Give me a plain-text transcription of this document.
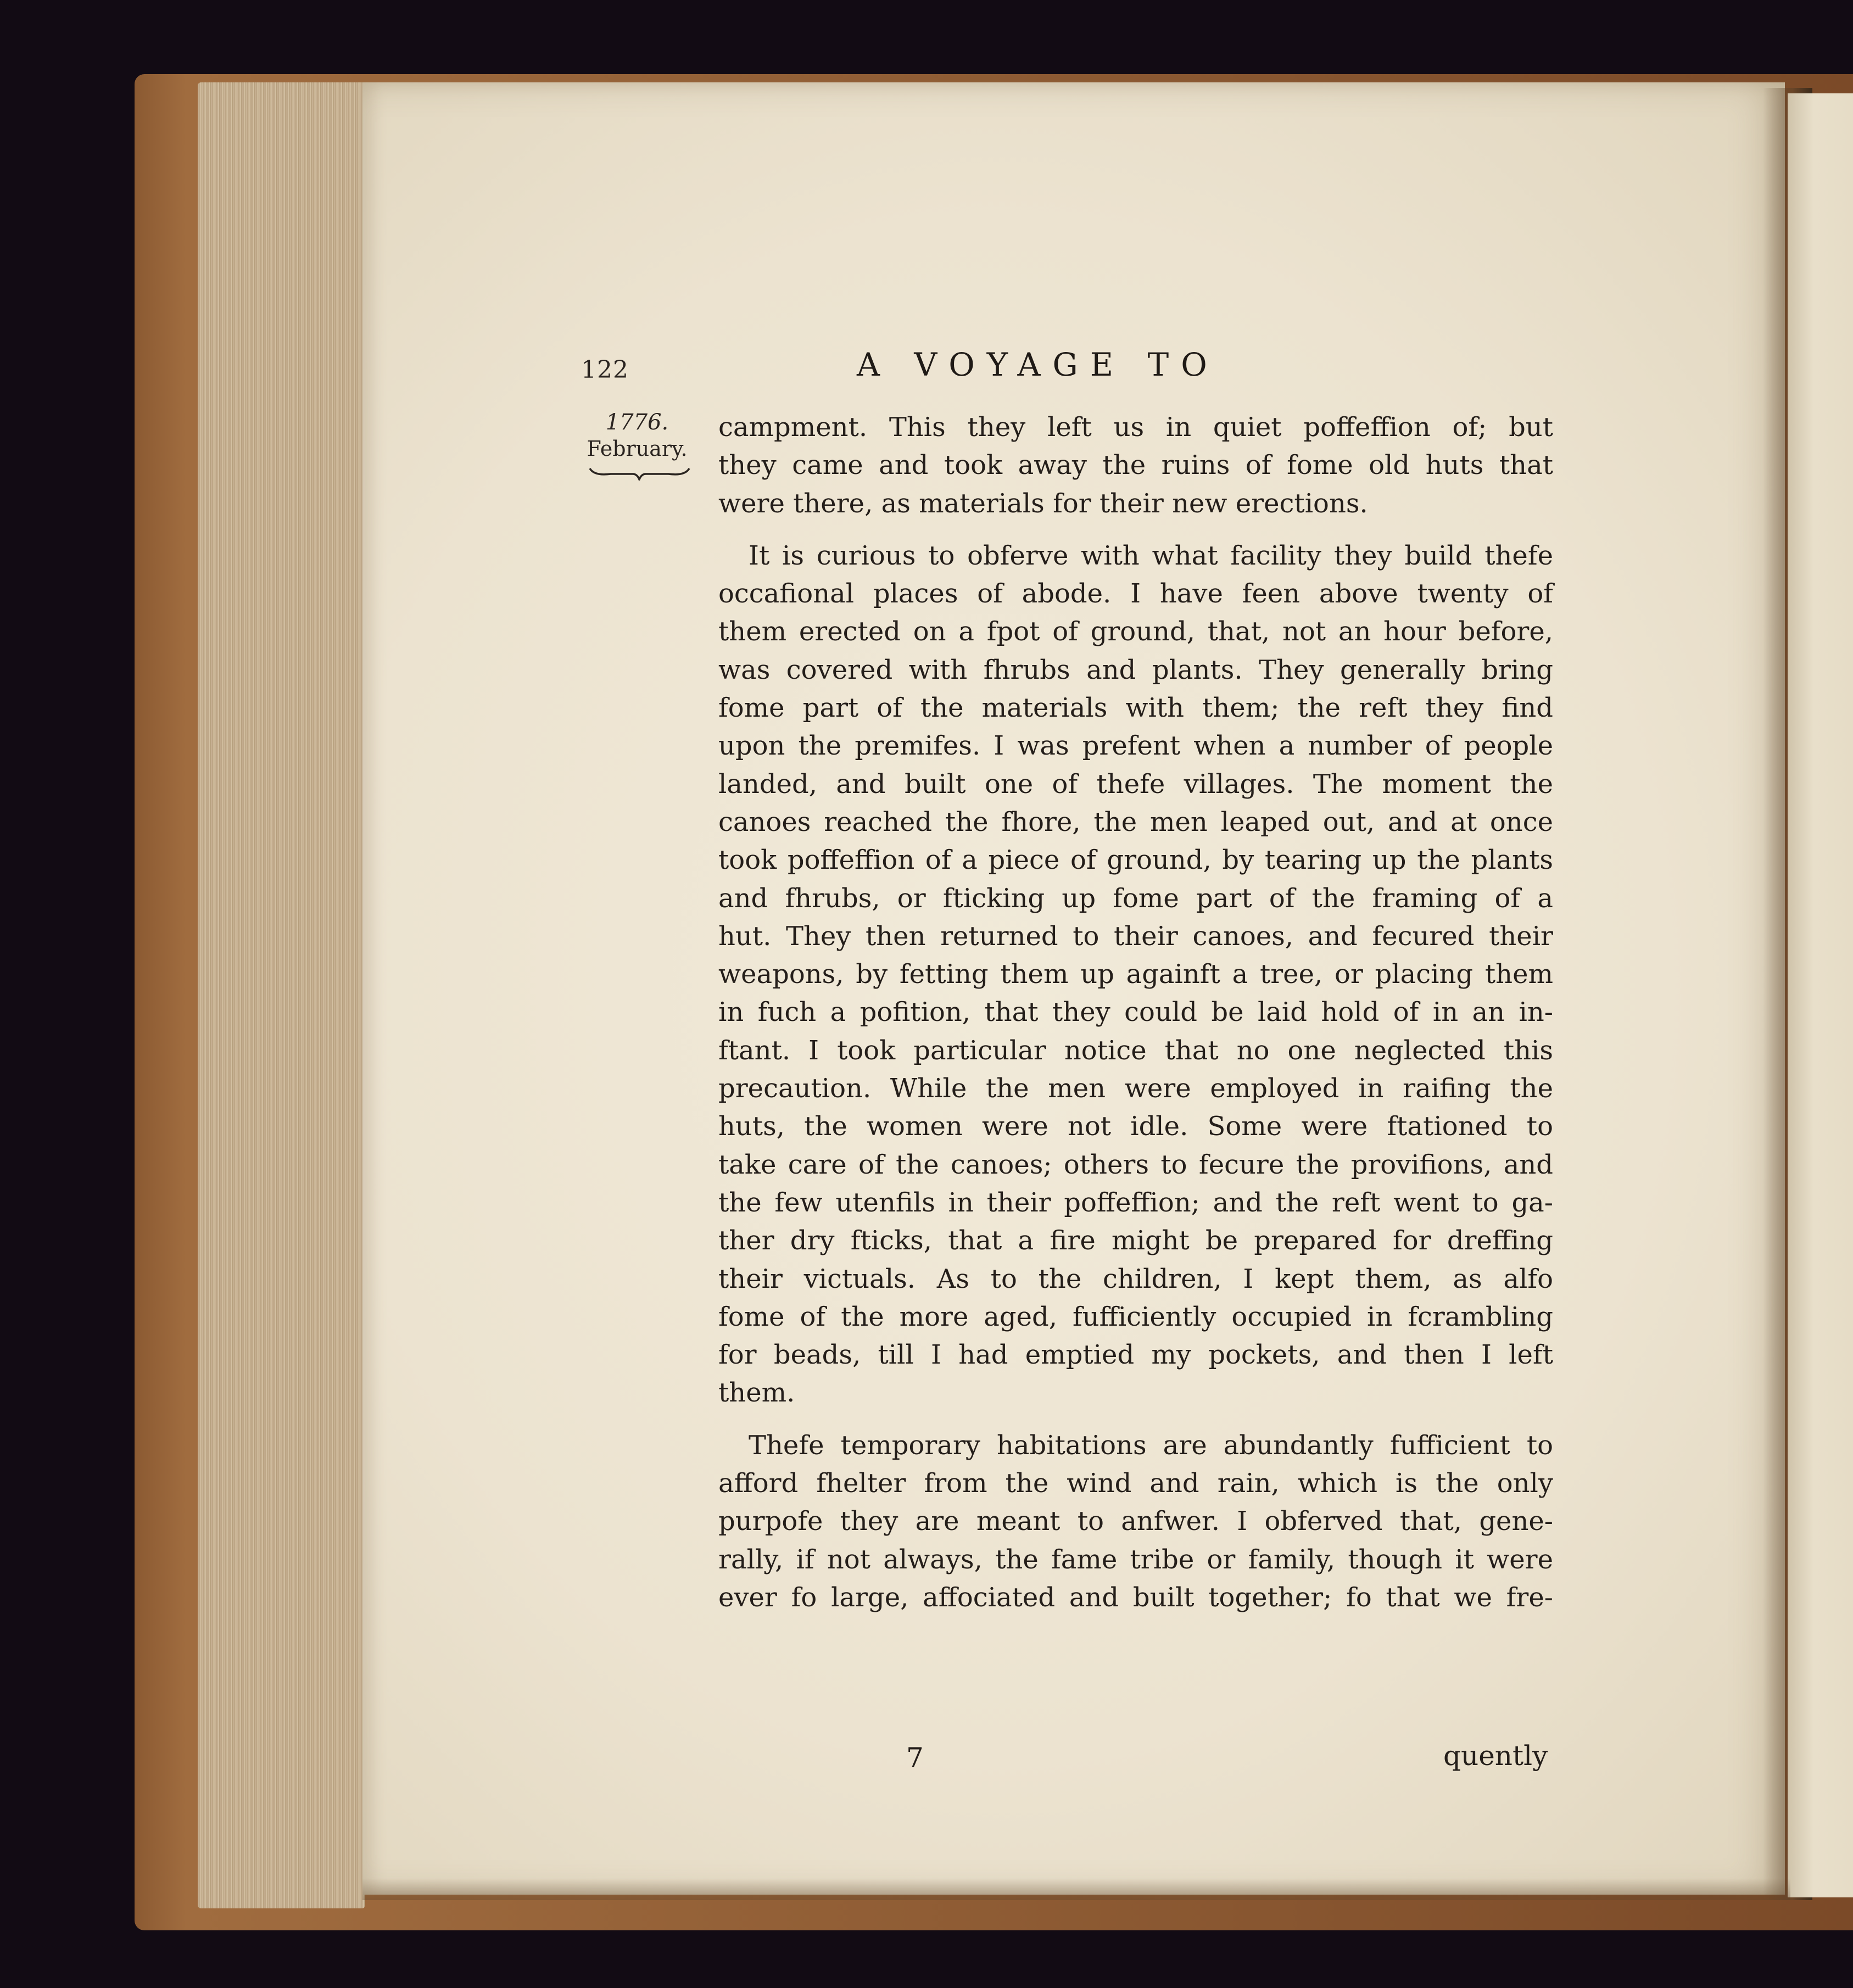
122	A VOYAGE TO
1776.
February.
campment. This they left us in quiet poffeffion of; but
they came and took away the ruins of fome old huts that
were there, as materials for their new erections.
It is curious to obferve with what facility they build thefe
occafional places of abode. I have feen above twenty of
them erected on a fpot of ground, that, not an hour before,
was covered with fhrubs and plants. They generally bring
fome part of the materials with them; the reft they find
upon the premifes. I was prefent when a number of people
landed, and built one of thefe villages. The moment the
canoes reached the fhore, the men leaped out, and at once
took poffeffion of a piece of ground, by tearing up the plants
and fhrubs, or fticking up fome part of the framing of a
hut. They then returned to their canoes, and fecured their
weapons, by fetting them up againft a tree, or placing them
in fuch a pofition, that they could be laid hold of in an in-
ftant. I took particular notice that no one neglected this
precaution. While the men were employed in raifing the
huts, the women were not idle. Some were ftationed to
take care of the canoes; others to fecure the provifions, and
the few utenfils in their poffeffion; and the reft went to ga-
ther dry fticks, that a fire might be prepared for dreffing
their victuals. As to the children, I kept them, as alfo
fome of the more aged, fufficiently occupied in fcrambling
for beads, till I had emptied my pockets, and then I left
them.
Thefe temporary habitations are abundantly fufficient to
afford fhelter from the wind and rain, which is the only
purpofe they are meant to anfwer. I obferved that, gene-
rally, if not always, the fame tribe or family, though it were
ever fo large, affociated and built together; fo that we fre-
7	quently
